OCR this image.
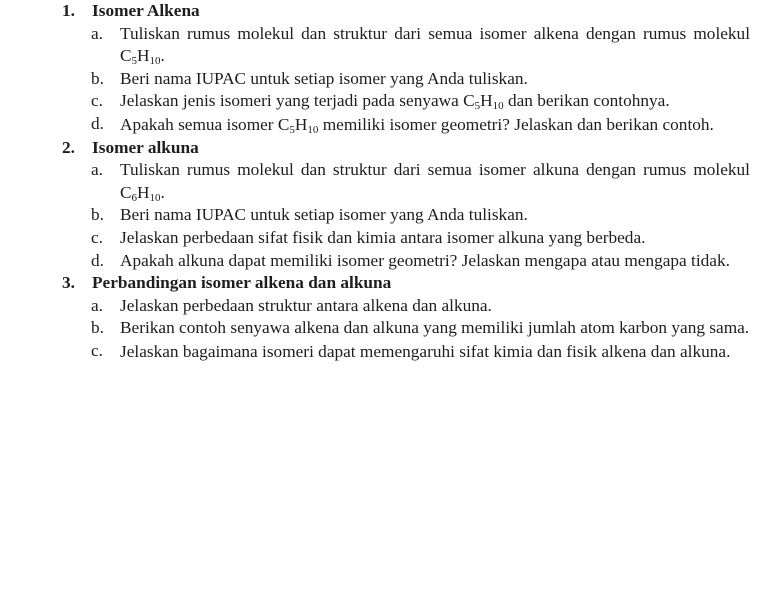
1. Isomer Alkena
a. Tuliskan rumus molekul dan struktur dari semua isomer alkena dengan rumus molekul $C_5H_{10}$.
b. Beri nama IUPAC untuk setiap isomer yang Anda tuliskan.
c. Jelaskan jenis isomeri yang terjadi pada senyawa $C_5H_{10}$ dan berikan contohnya.
d. Apakah semua isomer $C_5H_{10}$ memiliki isomer geometri? Jelaskan dan berikan contoh.
2. Isomer alkuna
a. Tuliskan rumus molekul dan struktur dari semua isomer alkuna dengan rumus molekul $C_6H_{10}$.
b. Beri nama IUPAC untuk setiap isomer yang Anda tuliskan.
c. Jelaskan perbedaan sifat fisik dan kimia antara isomer alkuna yang berbeda.
d. Apakah alkuna dapat memiliki isomer geometri? Jelaskan mengapa atau mengapa tidak.
3. Perbandingan isomer alkena dan alkuna
a. Jelaskan perbedaan struktur antara alkena dan alkuna.
b. Berikan contoh senyawa alkena dan alkuna yang memiliki jumlah atom karbon yang sama.
c. Jelaskan bagaimana isomeri dapat memengaruhi sifat kimia dan fisik alkena dan alkuna.
